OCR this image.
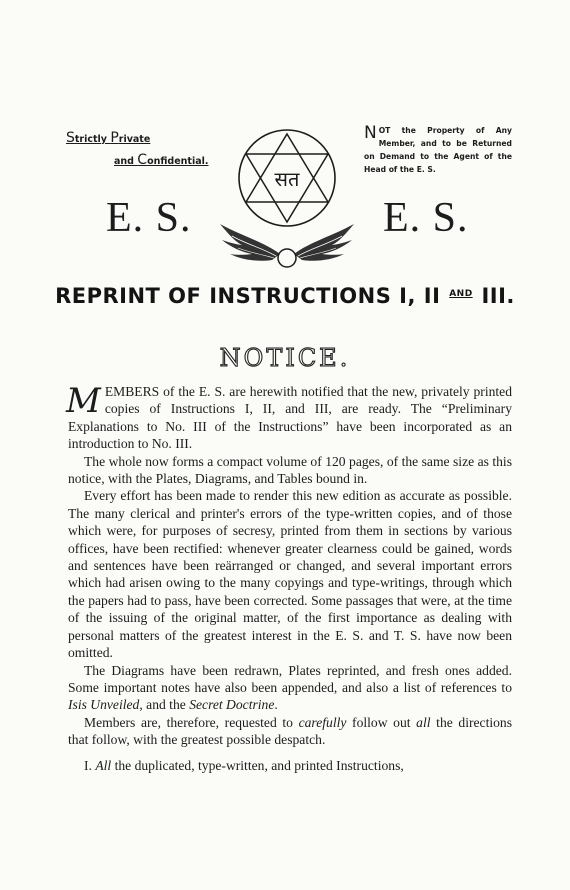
Strictly Private
and Confidential.
सत
NOT the Property of Any Member, and to be Returned on Demand to the Agent of the Head of the E. S.
E. S.	E. S.
REPRINT OF INSTRUCTIONS I, II $^{AND}$ III.
NOTICE.

MEMBERS of the E. S. are herewith notified that the new, privately printed copies of Instructions I, II, and III, are ready. The “Preliminary Explanations to No. III of the Instructions” have been incorporated as an introduction to No. III.

The whole now forms a compact volume of 120 pages, of the same size as this notice, with the Plates, Diagrams, and Tables bound in.

Every effort has been made to render this new edition as accurate as possible. The many clerical and printer's errors of the type-written copies, and of those which were, for purposes of secresy, printed from them in sections by various offices, have been rectified: whenever greater clearness could be gained, words and sentences have been reärranged or changed, and several important errors which had arisen owing to the many copyings and type-writings, through which the papers had to pass, have been corrected. Some passages that were, at the time of the issuing of the original matter, of the first importance as dealing with personal matters of the greatest interest in the E. S. and T. S. have now been omitted.

The Diagrams have been redrawn, Plates reprinted, and fresh ones added. Some important notes have also been appended, and also a list of references to Isis Unveiled, and the Secret Doctrine.

Members are, therefore, requested to carefully follow out all the directions that follow, with the greatest possible despatch.

I. All the duplicated, type-written, and printed Instructions,
